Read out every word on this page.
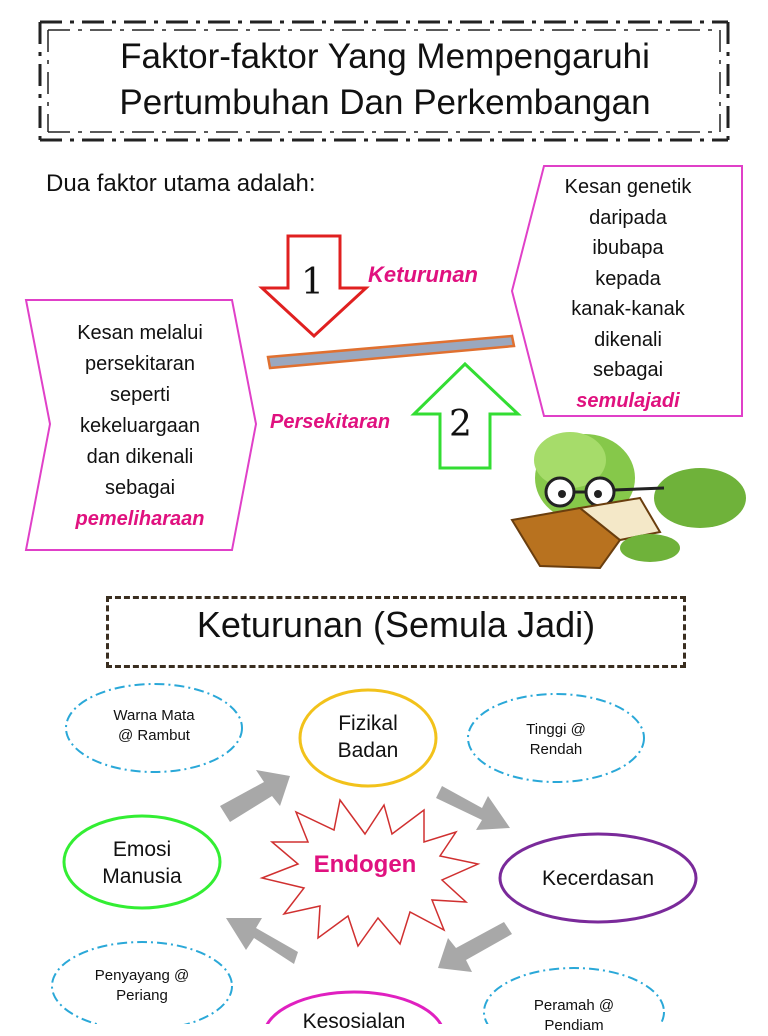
Faktor-faktor Yang Mempengaruhi
Pertumbuhan Dan Perkembangan
Dua faktor utama adalah:
Kesan melalui
persekitaran
seperti
kekeluargaan
dan dikenali
sebagai
pemeliharaan
Kesan genetik
daripada
ibubapa
kepada
kanak-kanak
dikenali
sebagai
semulajadi
1
2
Keturunan
Persekitaran
Keturunan (Semula Jadi)
Endogen
Fizikal
Badan
Kecerdasan
Emosi
Manusia
Kesosialan
Warna Mata
@ Rambut	Tinggi @
Rendah
Penyayang @
Periang
Peramah @
Pendiam
